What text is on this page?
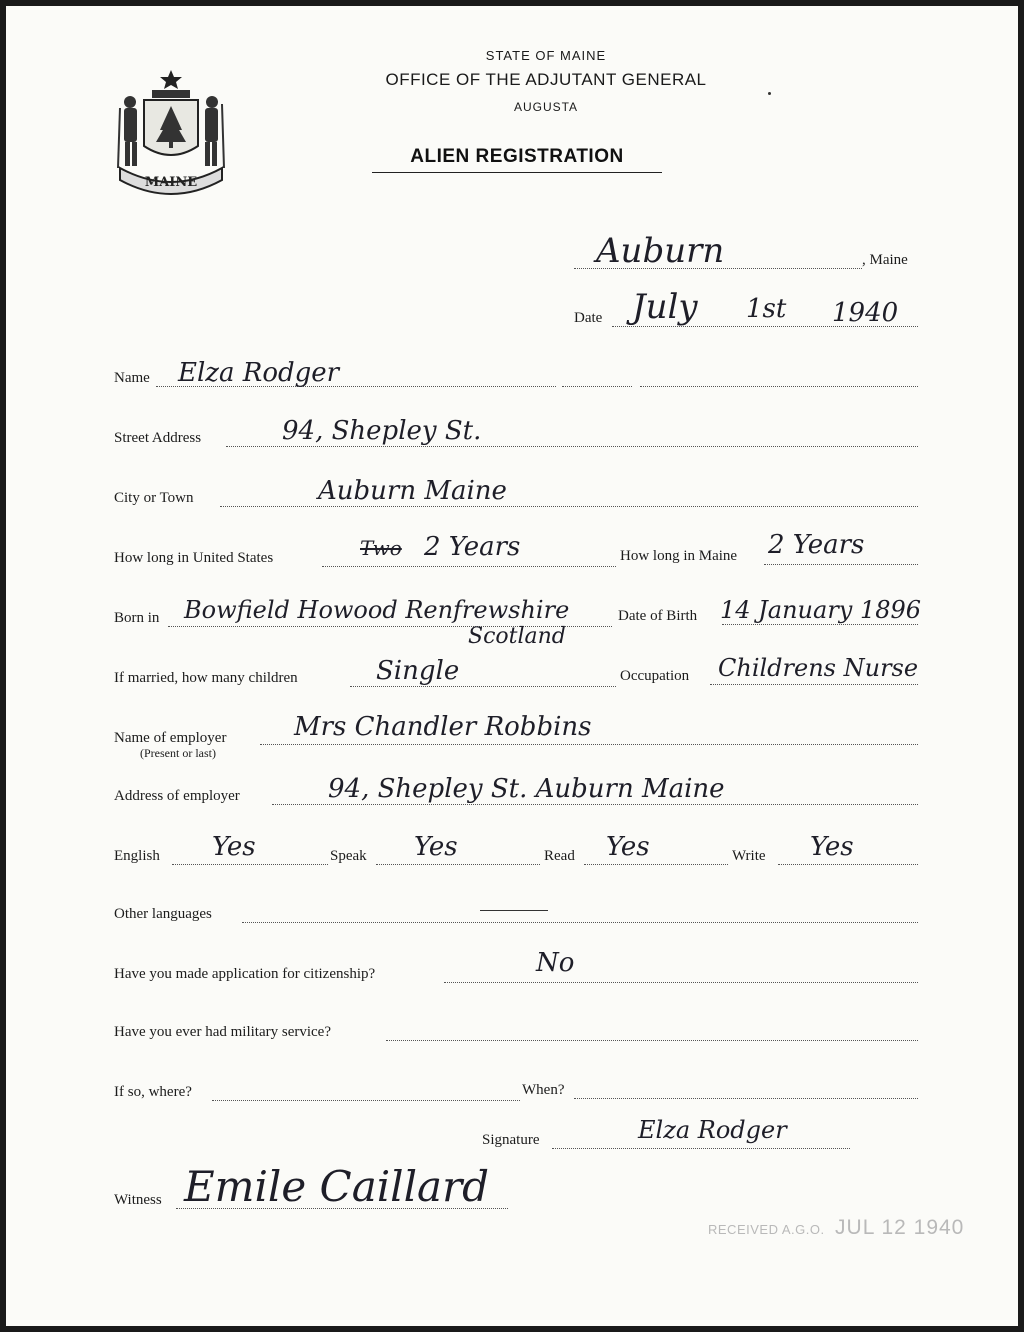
MAINE
STATE OF MAINE
OFFICE OF THE ADJUTANT GENERAL
AUGUSTA
ALIEN REGISTRATION
Auburn	, Maine
Date July 1st 1940
Name Elza Rodger
Street Address	94, Shepley St.
City or Town	Auburn Maine
How long in United States	Two 2 Years	How long in Maine 2 Years
Born in Bowfield Howood Renfrewshire
Scotland
Date of Birth 14 January 1896
If married, how many children	Single	Occupation Childrens Nurse
Name of employer
(Present or last)
Mrs Chandler Robbins
Address of employer	94, Shepley St. Auburn Maine
English Yes	Speak Yes	Read Yes	Write Yes
Other languages
Have you made application for citizenship?	No
Have you ever had military service?
If so, where?	When?
Signature	Elza Rodger
Witness Emile Caillard
RECEIVED A.G.O. JUL 12 1940
